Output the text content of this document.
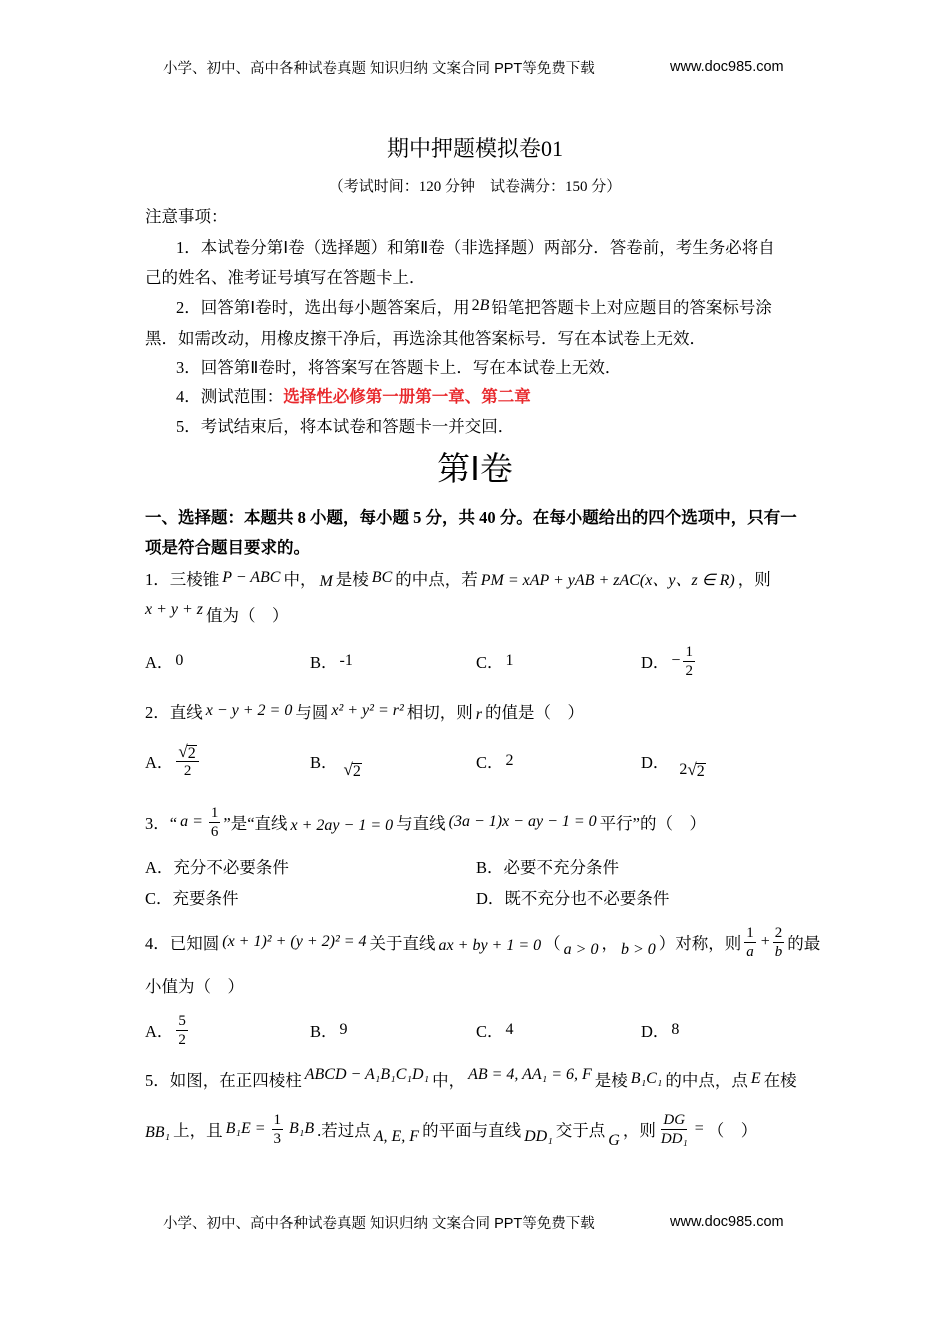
小学、初中、高中各种试卷真题 知识归纳 文案合同 PPT等免费下载	www.doc985.com
期中押题模拟卷01
（考试时间：120 分钟　试卷满分：150 分）
注意事项：
1．本试卷分第Ⅰ卷（选择题）和第Ⅱ卷（非选择题）两部分．答卷前，考生务必将自
己的姓名、准考证号填写在答题卡上．
2．回答第Ⅰ卷时，选出每小题答案后，用 2 B 铅笔把答题卡上对应题目的答案标号涂
黑．如需改动，用橡皮擦干净后，再选涂其他答案标号．写在本试卷上无效．
3．回答第Ⅱ卷时，将答案写在答题卡上．写在本试卷上无效．
4．测试范围： 选择性必修第一册第一章、第二章
5．考试结束后，将本试卷和答题卡一并交回．
第Ⅰ卷
一、选择题：本题共 8 小题，每小题 5 分，共 40 分。在每小题给出的四个选项中，只有一
项是符合题目要求的。
1．三棱锥 P − ABC 中， M 是棱 BC 的中点，若 PM = xAP + yAB + zAC(x、y、z ∈ R) ，则
x + y + z 值为（　）
A． 0	B． -1	C． 1	D． − $\frac{1}{2}$
2．直线 x − y + 2 = 0 与圆 x² + y² = r² 相切，则 r 的值是（　）
A． $\frac{√ 2}{2}$	B． √ 2	C． 2	D． 2 √ 2
3．“ $a = \frac{1}{6}$ ”是“直线 x + 2ay − 1 = 0 与直线 (3a − 1)x − ay − 1 = 0 平行”的（　）
A． 充分不必要条件	B． 必要不充分条件
C． 充要条件	D． 既不充分也不必要条件
4．已知圆 (x + 1)² + (y + 2)² = 4 关于直线 ax + by + 1 = 0 （ a > 0 ， b > 0 ）对称，则 $\frac{1}{a} + \frac{2}{b}$ 的最
小值为（　）
A． $\frac{5}{2}$	B． 9	C． 4	D． 8
5．如图，在正四棱柱 ABCD − A₁B₁C₁D₁ 中， AB = 4, AA₁ = 6, F 是棱 B₁C₁ 的中点，点 E 在棱
BB₁ 上，且 $B_1E = \frac{1}{3} B_1B$ .若过点 A, E, F 的平面与直线 DD₁ 交于点
G
，则 $\frac{DG}{\text{DD₁}}$ = （　）
小学、初中、高中各种试卷真题 知识归纳 文案合同 PPT等免费下载	www.doc985.com
